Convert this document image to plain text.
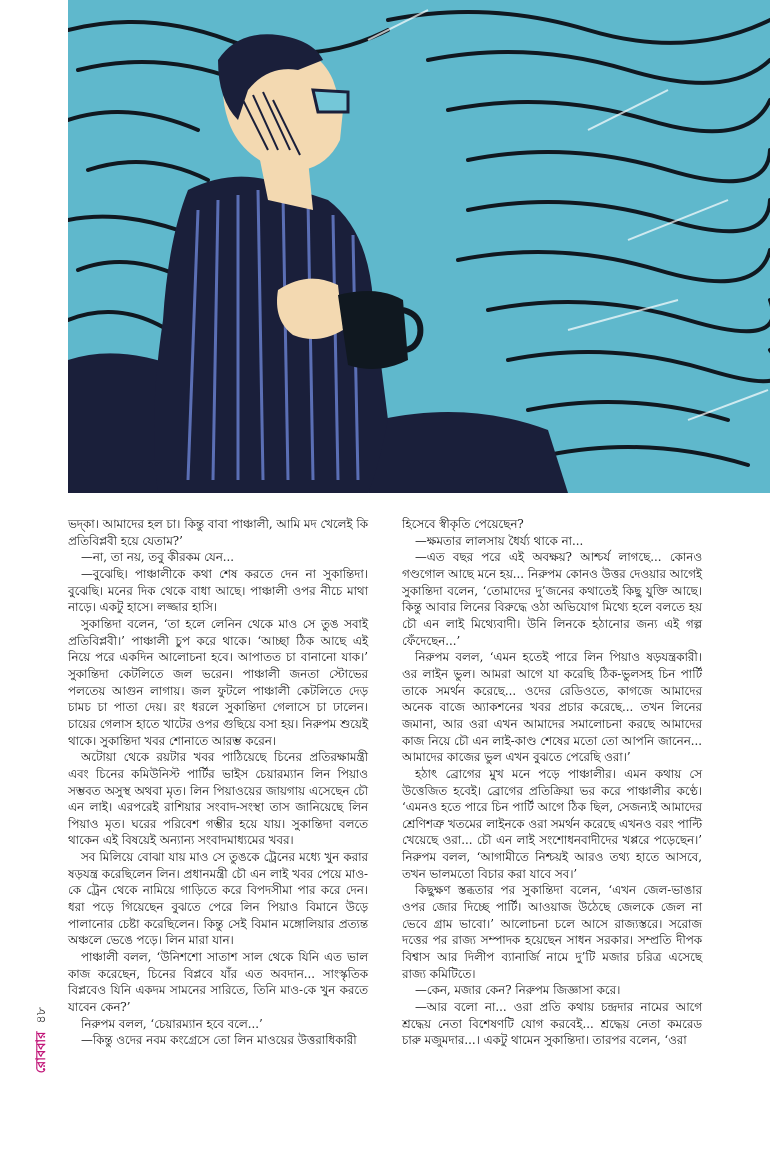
ভদ্‌কা। আমাদের হল চা। কিন্তু বাবা পাঞ্চালী, আমি মদ খেলেই কি প্রতিবিপ্লবী হয়ে যেতাম?’

—না, তা নয়, তবু কীরকম যেন...

—বুঝেছি। পাঞ্চালীকে কথা শেষ করতে দেন না সুকান্তিদা। বুঝেছি। মনের দিক থেকে বাধা আছে। পাঞ্চালী ওপর নীচে মাথা নাড়ে। একটু হাসে। লজ্জার হাসি।

সুকান্তিদা বলেন, ‘তা হলে লেনিন থেকে মাও সে তুঙ সবাই প্রতিবিপ্লবী।’ পাঞ্চালী চুপ করে থাকে। ‘আচ্ছা ঠিক আছে এই নিয়ে পরে একদিন আলোচনা হবে। আপাতত চা বানানো যাক।’ সুকান্তিদা কেটলিতে জল ভরেন। পাঞ্চালী জনতা স্টোভের পলতেয় আগুন লাগায়। জল ফুটলে পাঞ্চালী কেটলিতে দেড় চামচ চা পাতা দেয়। রং ধরলে সুকান্তিদা গেলাসে চা ঢালেন। চায়ের গেলাস হাতে খাটের ওপর গুছিয়ে বসা হয়। নিরুপম শুয়েই থাকে। সুকান্তিদা খবর শোনাতে আরম্ভ করেন।

অটোয়া থেকে রয়টার খবর পাঠিয়েছে চিনের প্রতিরক্ষামন্ত্রী এবং চিনের কমিউনিস্ট পার্টির ভাইস চেয়ারম্যান লিন পিয়াও সম্ভবত অসুস্থ অথবা মৃত। লিন পিয়াওয়ের জায়গায় এসেছেন চৌ এন লাই। এরপরেই রাশিয়ার সংবাদ-সংস্থা তাস জানিয়েছে লিন পিয়াও মৃত। ঘরের পরিবেশ গম্ভীর হয়ে যায়। সুকান্তিদা বলতে থাকেন এই বিষয়েই অন্যান্য সংবাদমাধ্যমের খবর।

সব মিলিয়ে বোঝা যায় মাও সে তুঙকে ট্রেনের মধ্যে খুন করার ষড়যন্ত্র করেছিলেন লিন। প্রধানমন্ত্রী চৌ এন লাই খবর পেয়ে মাও-কে ট্রেন থেকে নামিয়ে গাড়িতে করে বিপদসীমা পার করে দেন। ধরা পড়ে গিয়েছেন বুঝতে পেরে লিন পিয়াও বিমানে উড়ে পালানোর চেষ্টা করেছিলেন। কিন্তু সেই বিমান মঙ্গোলিয়ার প্রত্যন্ত অঞ্চলে ভেঙে পড়ে। লিন মারা যান।

পাঞ্চালী বলল, ‘উনিশশো সাতাশ সাল থেকে যিনি এত ভাল কাজ করেছেন, চিনের বিপ্লবে যাঁর এত অবদান... সাংস্কৃতিক বিপ্লবেও যিনি একদম সামনের সারিতে, তিনি মাও-কে খুন করতে যাবেন কেন?’

নিরুপম বলল, ‘চেয়ারম্যান হবে বলে...’

—কিন্তু ওদের নবম কংগ্রেসে তো লিন মাওয়ের উত্তরাধিকারী

হিসেবে স্বীকৃতি পেয়েছেন?

—ক্ষমতার লালসায় ধৈর্য্য থাকে না...

—এত বছর পরে এই অবক্ষয়? আশ্চর্য লাগছে... কোনও গণ্ডগোল আছে মনে হয়... নিরুপম কোনও উত্তর দেওয়ার আগেই সুকান্তিদা বলেন, ‘তোমাদের দু’জনের কথাতেই কিছু যুক্তি আছে। কিন্তু আবার লিনের বিরুদ্ধে ওঠা অভিযোগ মিথ্যে হলে বলতে হয় চৌ এন লাই মিথ্যেবাদী। উনি লিনকে হঠানোর জন্য এই গল্প ফেঁদেছেন...’

নিরুপম বলল, ‘এমন হতেই পারে লিন পিয়াও ষড়যন্ত্রকারী। ওর লাইন ভুল। আমরা আগে যা করেছি ঠিক-ভুলসহ চিন পার্টি তাকে সমর্থন করেছে... ওদের রেডিওতে, কাগজে আমাদের অনেক বাজে অ্যাকশনের খবর প্রচার করেছে... তখন লিনের জমানা, আর ওরা এখন আমাদের সমালোচনা করছে আমাদের কাজ নিয়ে চৌ এন লাই-কাণ্ড শেষের মতো তো আপনি জানেন... আমাদের কাজের ভুল এখন বুঝতে পেরেছি ওরা।’

হঠাৎ ব্রোগের মুখ মনে পড়ে পাঞ্চালীর। এমন কথায় সে উত্তেজিত হবেই। ব্রোগের প্রতিক্রিয়া ভর করে পাঞ্চালীর কণ্ঠে। ‘এমনও হতে পারে চিন পার্টি আগে ঠিক ছিল, সেজন্যই আমাদের শ্রেণিশত্রু খতমের লাইনকে ওরা সমর্থন করেছে এখনও বরং পাল্টি খেয়েছে ওরা... চৌ এন লাই সংশোধনবাদীদের খপ্পরে পড়েছেন।’ নিরুপম বলল, ‘আগামীতে নিশ্চয়ই আরও তথ্য হাতে আসবে, তখন ভালমতো বিচার করা যাবে সব।’

কিছুক্ষণ স্তব্ধতার পর সুকান্তিদা বলেন, ‘এখন জেল-ভাঙার ওপর জোর দিচ্ছে পার্টি। আওয়াজ উঠেছে জেলকে জেল না ভেবে গ্রাম ভাবো।’ আলোচনা চলে আসে রাজ্যস্তরে। সরোজ দত্তের পর রাজ্য সম্পাদক হয়েছেন সাধন সরকার। সম্প্রতি দীপক বিশ্বাস আর দিলীপ ব্যানার্জি নামে দু’টি মজার চরিত্র এসেছে রাজ্য কমিটিতে।

—কেন, মজার কেন? নিরুপম জিজ্ঞাসা করে।

—আর বলো না... ওরা প্রতি কথায় চন্দ্রদার নামের আগে শ্রদ্ধেয় নেতা বিশেষণটি যোগ করবেই... শ্রদ্ধেয় নেতা কমরেড চারু মজুমদার...। একটু থামেন সুকান্তিদা। তারপর বলেন, ‘ওরা

রোববার
৪৮
